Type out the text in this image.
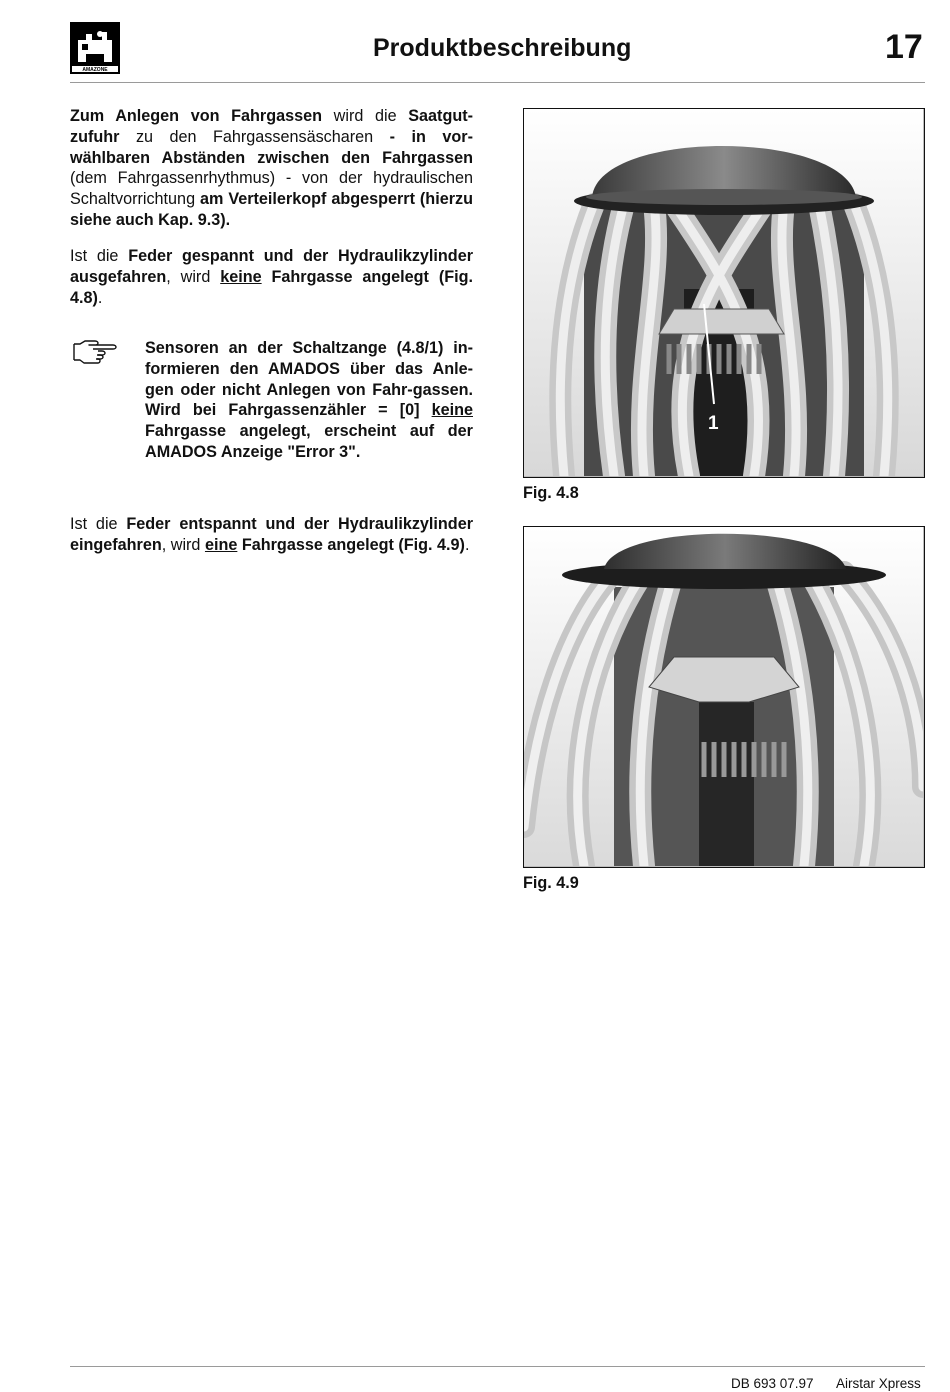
AMAZONE
Produktbeschreibung	17

Zum Anlegen von Fahrgassen wird die Saatgut-zufuhr zu den Fahrgassensäscharen - in vor-wählbaren Abständen zwischen den Fahrgassen (dem Fahrgassenrhythmus) - von der hydraulischen Schaltvorrichtung am Verteilerkopf abgesperrt (hierzu siehe auch Kap. 9.3).

Ist die Feder gespannt und der Hydraulikzylinder ausgefahren, wird keine Fahrgasse angelegt (Fig. 4.8).

Sensoren an der Schaltzange (4.8/1) in-formieren den AMADOS über das Anle-gen oder nicht Anlegen von Fahr-gassen. Wird bei Fahrgassenzähler = [0] keine Fahrgasse angelegt, erscheint auf der AMADOS Anzeige "Error 3".

Ist die Feder entspannt und der Hydraulikzylinder eingefahren, wird eine Fahrgasse angelegt (Fig. 4.9).

1
Fig. 4.8
Fig. 4.9
DB 693 07.97 Airstar Xpress
